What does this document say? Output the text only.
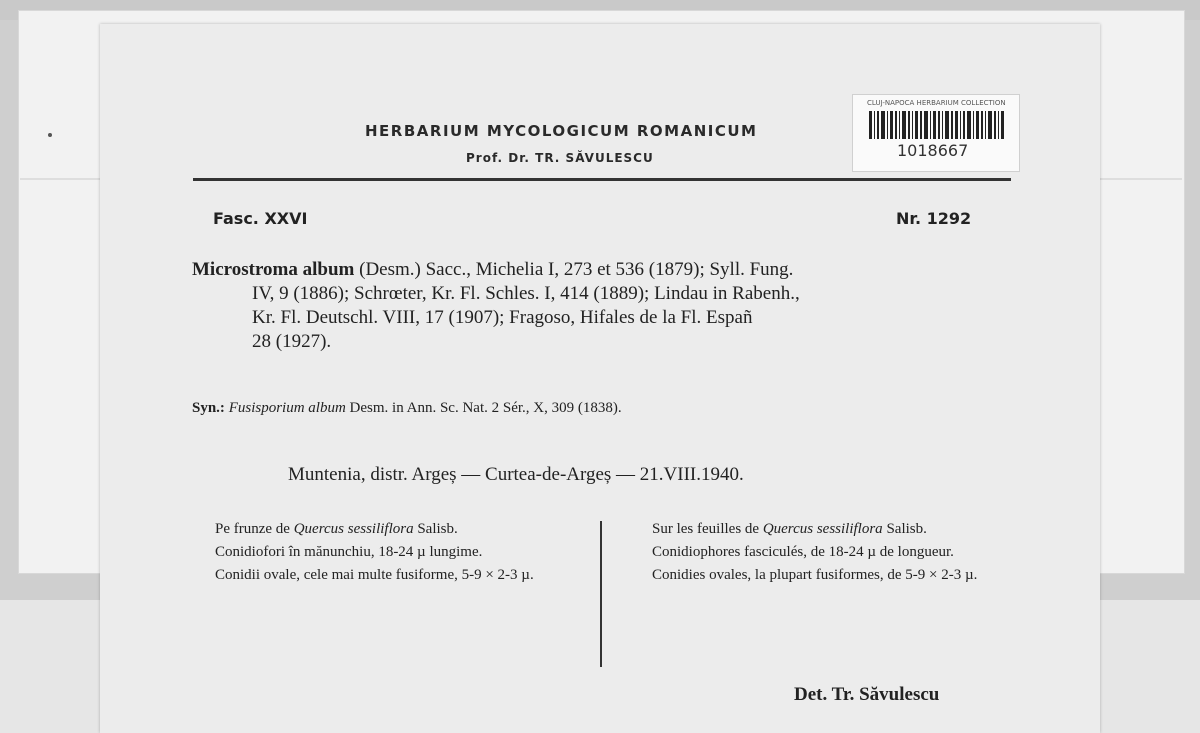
HERBARIUM MYCOLOGICUM ROMANICUM
Prof. Dr. TR. SĂVULESCU
CLUJ-NAPOCA HERBARIUM COLLECTION
1018667
Fasc. XXVI	Nr. 1292
Microstroma album (Desm.) Sacc., Michelia I, 273 et 536 (1879); Syll. Fung.
IV, 9 (1886); Schrœter, Kr. Fl. Schles. I, 414 (1889); Lindau in Rabenh.,
Kr. Fl. Deutschl. VIII, 17 (1907); Fragoso, Hifales de la Fl. Españ
28 (1927).
Syn.: Fusisporium album Desm. in Ann. Sc. Nat. 2 Sér., X, 309 (1838).
Muntenia, distr. Argeș — Curtea-de-Argeș — 21.VIII.1940.

Pe frunze de Quercus sessiliflora Salisb.

Conidiofori în mănunchiu, 18-24 µ lungime.

Conidii ovale, cele mai multe fusiforme, 5-9 × 2-3 µ.

Sur les feuilles de Quercus sessiliflora Salisb.

Conidiophores fasciculés, de 18-24 µ de longueur.

Conidies ovales, la plupart fusiformes, de 5-9 × 2-3 µ.

Det. Tr. Săvulescu
